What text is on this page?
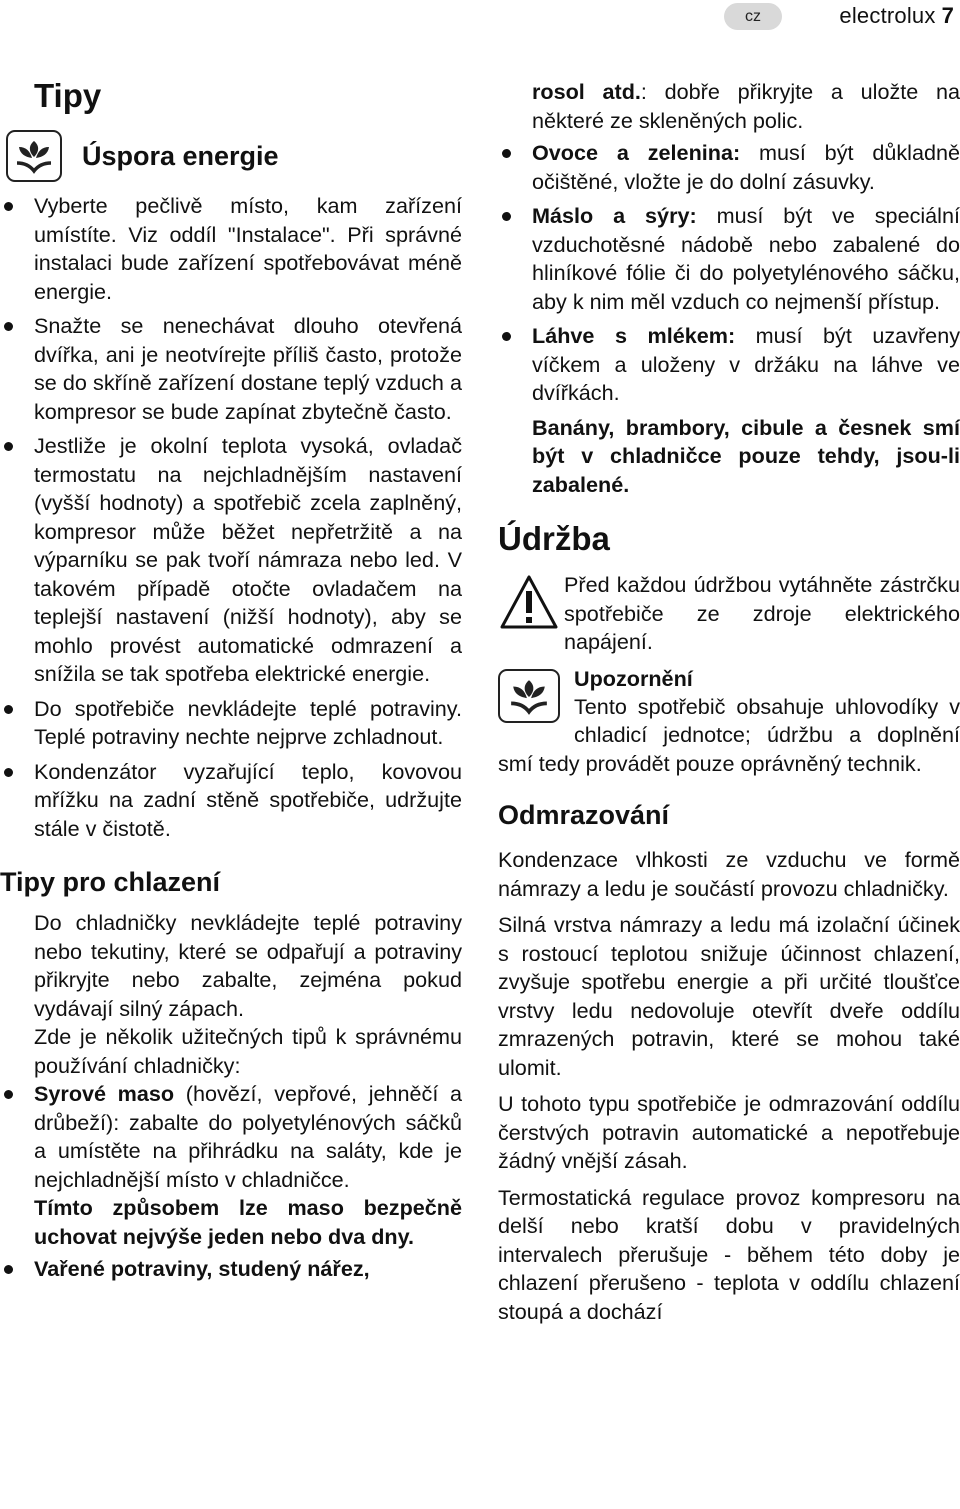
cz	electrolux 7
Tipy
Úspora energie
Vyberte pečlivě místo, kam zařízení umístíte. Viz oddíl "Instalace". Při správné instalaci bude zařízení spotřebovávat méně energie.
Snažte se nenechávat dlouho otevřená dvířka, ani je neotvírejte příliš často, protože se do skříně zařízení dostane teplý vzduch a kompresor se bude zapínat zbytečně často.
Jestliže je okolní teplota vysoká, ovladač termostatu na nejchladnějším nastavení (vyšší hodnoty) a spotřebič zcela zaplněný, kompresor může běžet nepřetržitě a na výparníku se pak tvoří námraza nebo led. V takovém případě otočte ovladačem na teplejší nastavení (nižší hodnoty), aby se mohlo provést automatické odmrazení a snížila se tak spotřeba elektrické energie.
Do spotřebiče nevkládejte teplé potraviny. Teplé potraviny nechte nejprve zchladnout.
Kondenzátor vyzařující teplo, kovovou mřížku na zadní stěně spotřebiče, udržujte stále v čistotě.
Tipy pro chlazení

Do chladničky nevkládejte teplé potraviny nebo tekutiny, které se odpařují a potraviny přikryjte nebo zabalte, zejména pokud vydávají silný zápach.

Zde je několik užitečných tipů k správnému používání chladničky:

Syrové maso (hovězí, vepřové, jehněčí a drůbeží): zabalte do polyetylénových sáčků a umístěte na přihrádku na saláty, kde je nejchladnější místo v chladničce.

Tímto způsobem lze maso bezpečně uchovat nejvýše jeden nebo dva dny.

Vařené potraviny, studený nářez,

rosol atd.: dobře přikryjte a uložte na některé ze skleněných polic.

Ovoce a zelenina: musí být důkladně očištěné, vložte je do dolní zásuvky.
Máslo a sýry: musí být ve speciální vzduchotěsné nádobě nebo zabalené do hliníkové fólie či do polyetylénového sáčku, aby k nim měl vzduch co nejmenší přístup.
Láhve s mlékem: musí být uzavřeny víčkem a uloženy v držáku na láhve ve dvířkách.

Banány, brambory, cibule a česnek smí být v chladničce pouze tehdy, jsou-li zabalené.

Údržba

Před každou údržbou vytáhněte zástrčku spotřebiče ze zdroje elektrického napájení.

Upozornění

Tento spotřebič obsahuje uhlovodíky v chladicí jednotce; údržbu a doplnění smí tedy provádět pouze oprávněný technik.

Odmrazování

Kondenzace vlhkosti ze vzduchu ve formě námrazy a ledu je součástí provozu chladničky.

Silná vrstva námrazy a ledu má izolační účinek s rostoucí teplotou snižuje účinnost chlazení, zvyšuje spotřebu energie a při určité tloušťce vrstvy ledu nedovoluje otevřít dveře oddílu zmrazených potravin, které se mohou také ulomit.

U tohoto typu spotřebiče je odmrazování oddílu čerstvých potravin automatické a nepotřebuje žádný vnější zásah.

Termostatická regulace provoz kompresoru na delší nebo kratší dobu v pravidelných intervalech přerušuje - během této doby je chlazení přerušeno - teplota v oddílu chlazení stoupá a dochází
